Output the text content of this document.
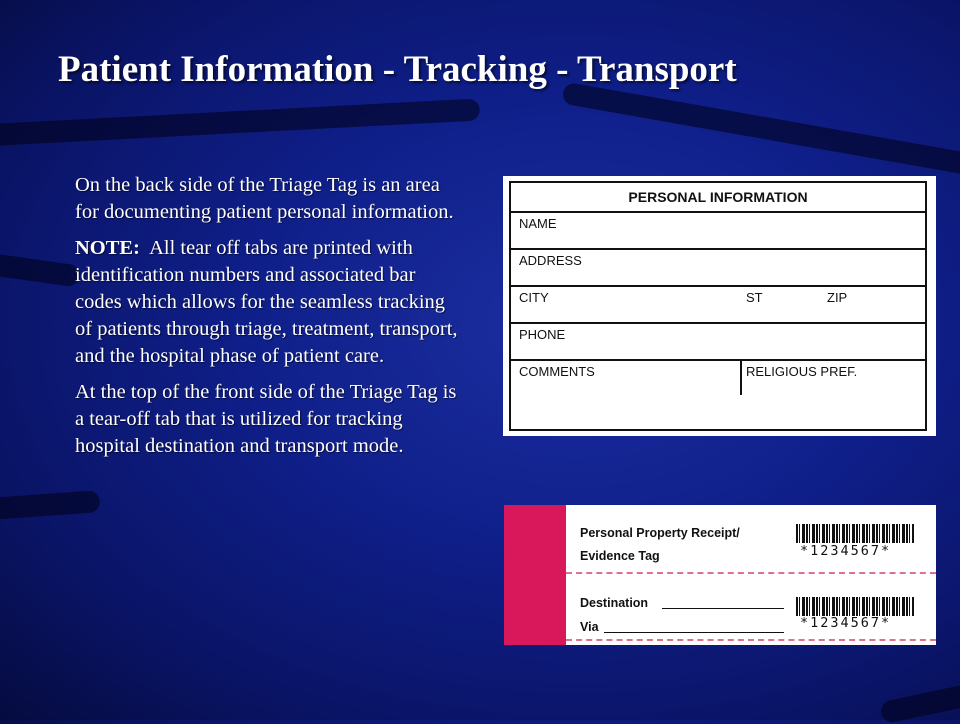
Patient Information - Tracking - Transport

On the back side of the Triage Tag is an area for documenting patient personal information.

NOTE: All tear off tabs are printed with identification numbers and associated bar codes which allows for the seamless tracking of patients through triage, treatment, transport, and the hospital phase of patient care.

At the top of the front side of the Triage Tag is a tear-off tab that is utilized for tracking hospital destination and transport mode.

PERSONAL INFORMATION
NAME
ADDRESS
CITY	ST	ZIP
PHONE
COMMENTS	RELIGIOUS PREF.
Personal Property Receipt/
Evidence Tag	*1234567*
Destination
Via	*1234567*
